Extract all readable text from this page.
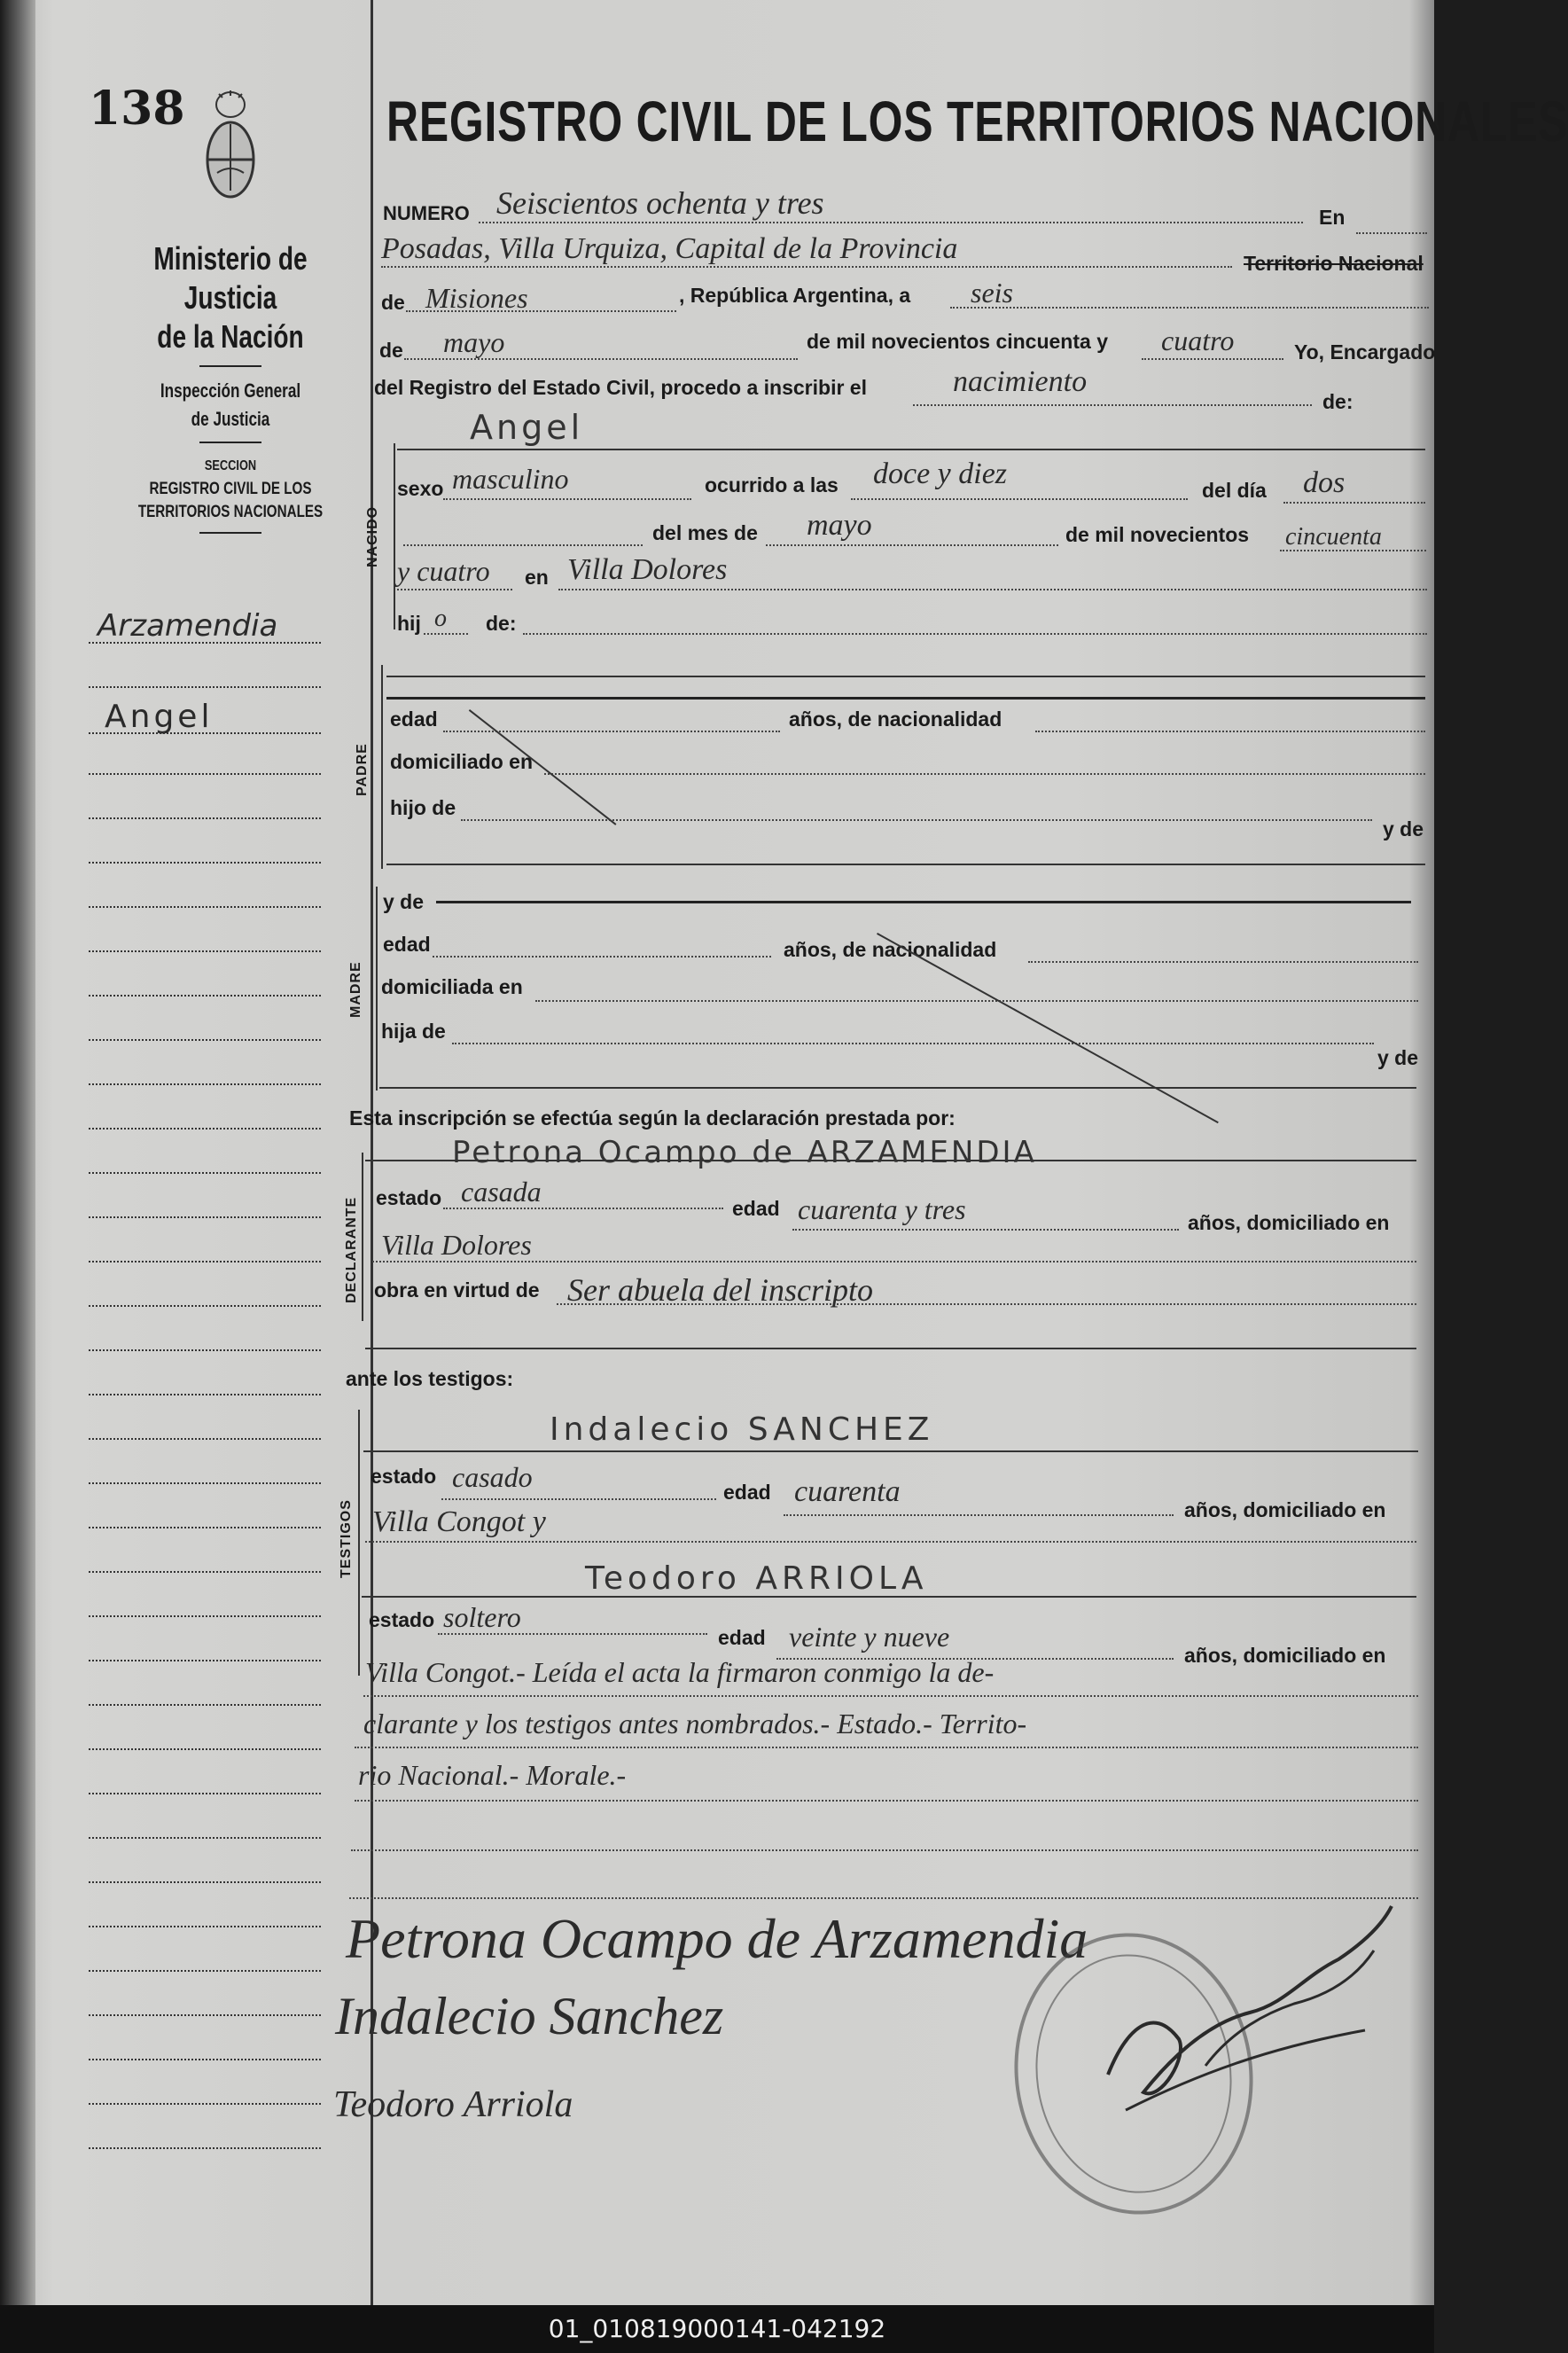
138
Ministerio de Justicia
de la Nación
Inspección General
de Justicia
SECCION
REGISTRO CIVIL DE LOS
TERRITORIOS NACIONALES
Arzamendia
Angel
REGISTRO CIVIL DE LOS TERRITORIOS NACIONALES
NUMERO Seiscientos ochenta y tres	En
Posadas, Villa Urquiza, Capital de la Provincia	Territorio Nacional
de Misiones	, República Argentina, a seis
de mayo	de mil novecientos cincuenta y cuatro	Yo, Encargado
del Registro del Estado Civil, procedo a inscribir el	nacimiento
de:
NACIDO
Angel
sexo masculino	ocurrido a las doce y diez	del día dos
del mes de mayo	de mil novecientos cincuenta
y cuatro en Villa Dolores
hij o de:
PADRE
edad	años, de nacionalidad
domiciliado en
hijo de
y de
MADRE
y de
edad	años, de nacionalidad
domiciliada en
hija de
y de
Esta inscripción se efectúa según la declaración prestada por:
DECLARANTE
Petrona Ocampo de ARZAMENDIA
estado casada
edad cuarenta y tres	años, domiciliado en
Villa Dolores
obra en virtud de Ser abuela del inscripto
ante los testigos:
TESTIGOS
Indalecio SANCHEZ
estado casado	edad cuarenta
años, domiciliado en
Villa Congot y
Teodoro ARRIOLA
estado soltero
edad veinte y nueve
años, domiciliado en
Villa Congot.- Leída el acta la firmaron conmigo la de-
clarante y los testigos antes nombrados.- Estado.- Territo-
rio Nacional.- Morale.-
Petrona Ocampo de Arzamendia
Indalecio Sanchez
Teodoro Arriola
01_010819000141-042192
